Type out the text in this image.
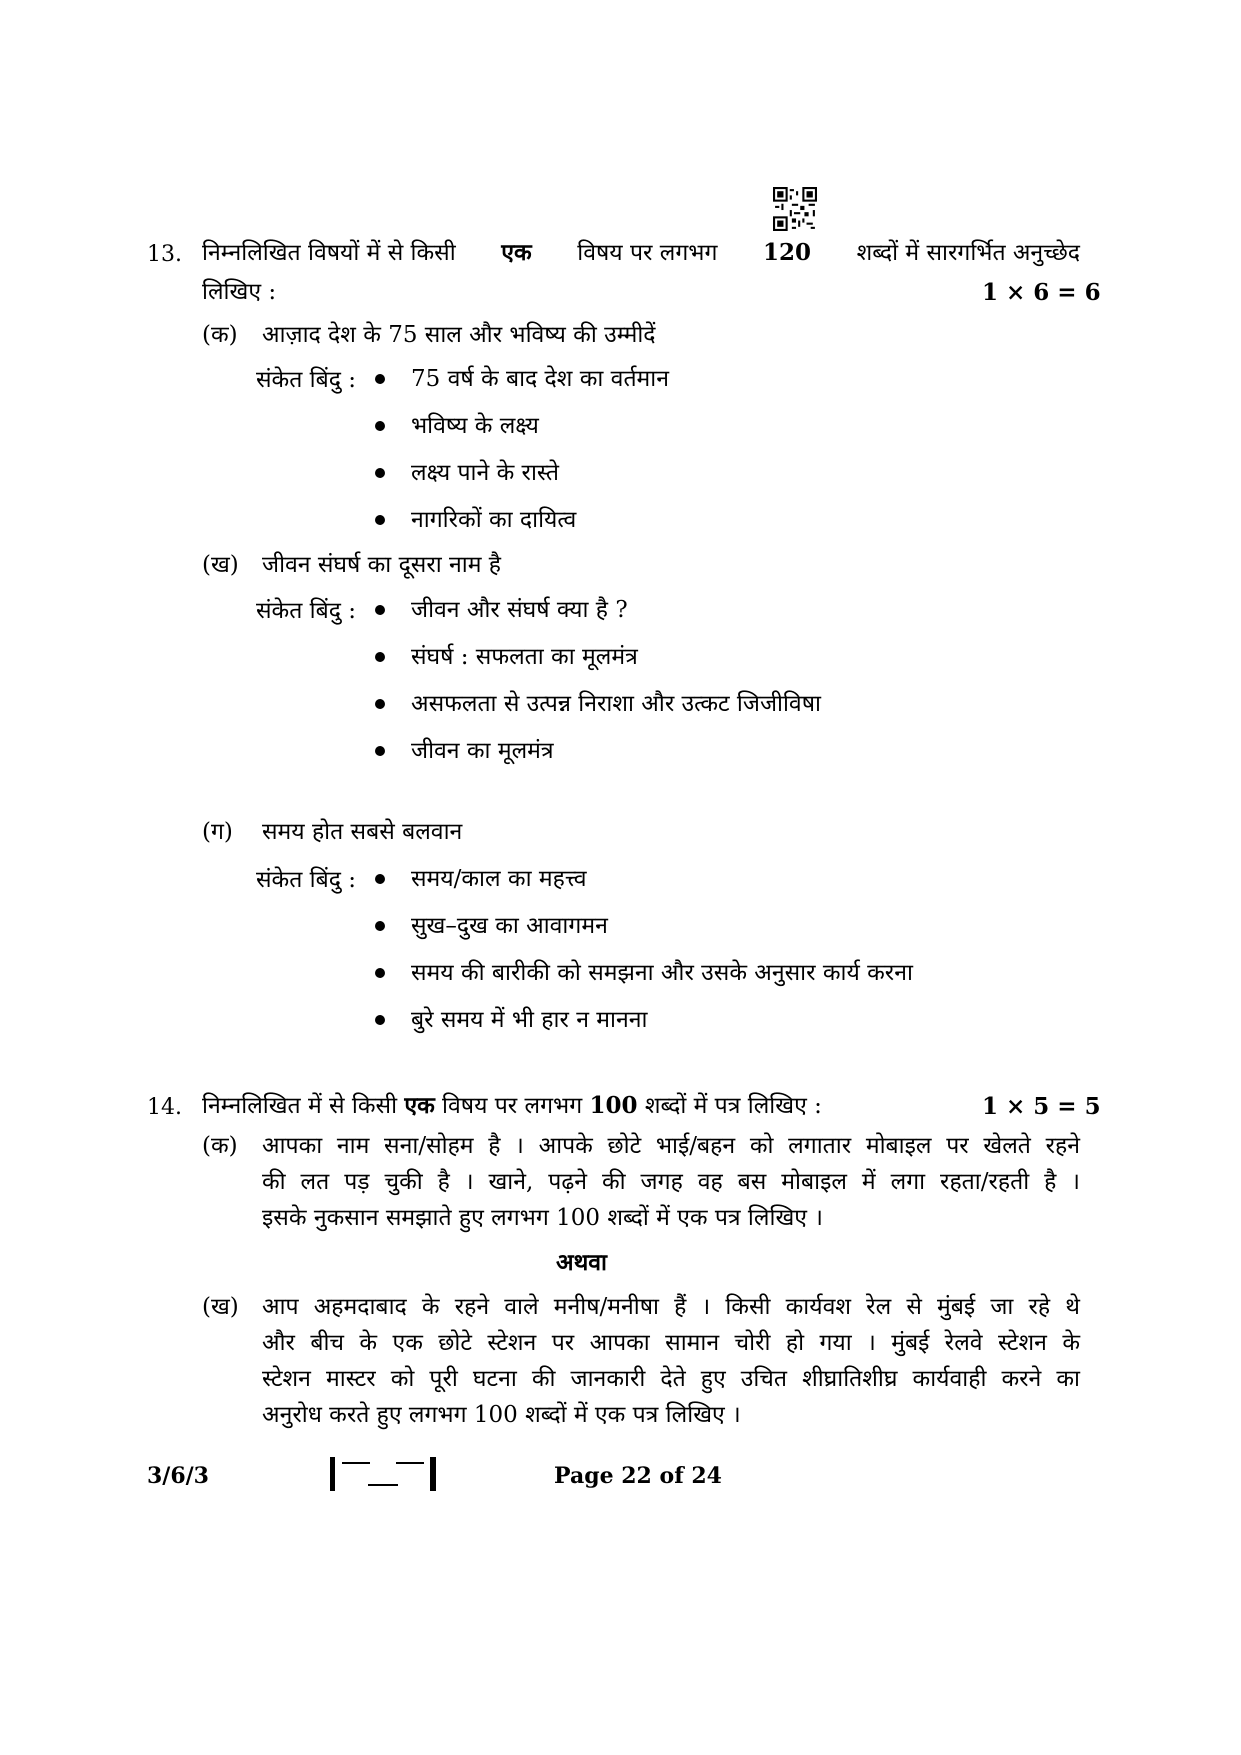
13. निम्नलिखित विषयों में से किसी एक विषय पर लगभग 120 शब्दों में सारगर्भित अनुच्छेद
लिखिए :	1 × 6 = 6
(क) आज़ाद देश के 75 साल और भविष्य की उम्मीदें
संकेत बिंदु : 75 वर्ष के बाद देश का वर्तमान
भविष्य के लक्ष्य
लक्ष्य पाने के रास्ते
नागरिकों का दायित्व
(ख) जीवन संघर्ष का दूसरा नाम है
संकेत बिंदु : जीवन और संघर्ष क्या है ?
संघर्ष : सफलता का मूलमंत्र
असफलता से उत्पन्न निराशा और उत्कट जिजीविषा
जीवन का मूलमंत्र
(ग) समय होत सबसे बलवान
संकेत बिंदु : समय/काल का महत्त्व
सुख–दुख का आवागमन
समय की बारीकी को समझना और उसके अनुसार कार्य करना
बुरे समय में भी हार न मानना
14. निम्नलिखित में से किसी एक विषय पर लगभग 100 शब्दों में पत्र लिखिए :	1 × 5 = 5
(क) आपका नाम सना/सोहम है । आपके छोटे भाई/बहन को लगातार मोबाइल पर खेलते रहने
की लत पड़ चुकी है । खाने, पढ़ने की जगह वह बस मोबाइल में लगा रहता/रहती है ।
इसके नुकसान समझाते हुए लगभग 100 शब्दों में एक पत्र लिखिए ।
अथवा
(ख) आप अहमदाबाद के रहने वाले मनीष/मनीषा हैं । किसी कार्यवश रेल से मुंबई जा रहे थे
और बीच के एक छोटे स्टेशन पर आपका सामान चोरी हो गया । मुंबई रेलवे स्टेशन के
स्टेशन मास्टर को पूरी घटना की जानकारी देते हुए उचित शीघ्रातिशीघ्र कार्यवाही करने का
अनुरोध करते हुए लगभग 100 शब्दों में एक पत्र लिखिए ।
3/6/3	Page 22 of 24
